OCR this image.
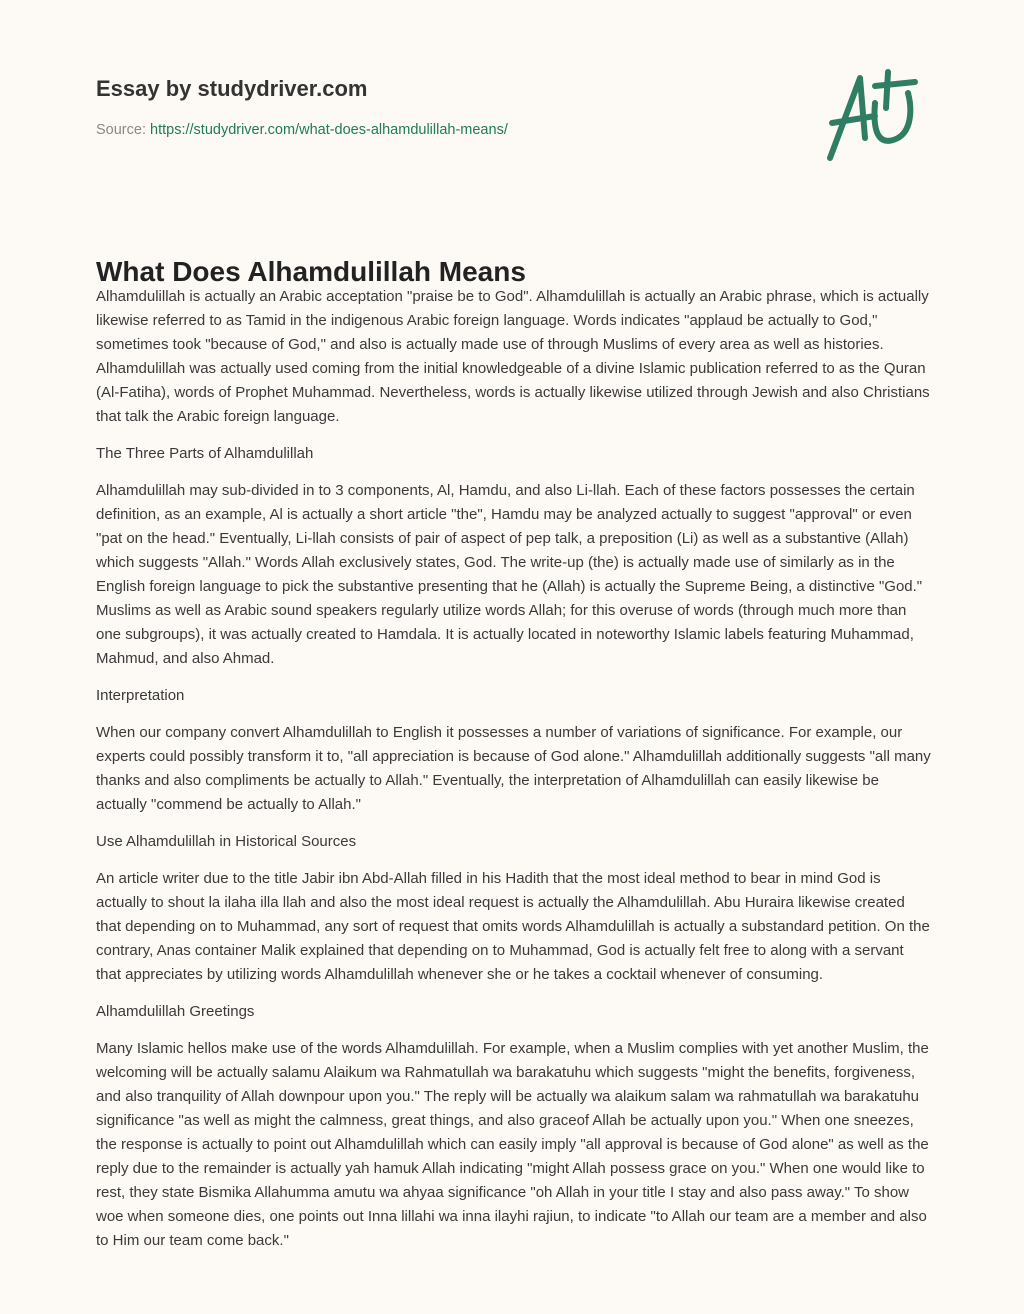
Essay by studydriver.com
Source: https://studydriver.com/what-does-alhamdulillah-means/
What Does Alhamdulillah Means

Alhamdulillah is actually an Arabic acceptation "praise be to God". Alhamdulillah is actually an Arabic phrase, which is actually likewise referred to as Tamid in the indigenous Arabic foreign language. Words indicates "applaud be actually to God," sometimes took "because of God," and also is actually made use of through Muslims of every area as well as histories. Alhamdulillah was actually used coming from the initial knowledgeable of a divine Islamic publication referred to as the Quran (Al-Fatiha), words of Prophet Muhammad. Nevertheless, words is actually likewise utilized through Jewish and also Christians that talk the Arabic foreign language.

The Three Parts of Alhamdulillah

Alhamdulillah may sub-divided in to 3 components, Al, Hamdu, and also Li-llah. Each of these factors possesses the certain definition, as an example, Al is actually a short article "the", Hamdu may be analyzed actually to suggest "approval" or even "pat on the head." Eventually, Li-llah consists of pair of aspect of pep talk, a preposition (Li) as well as a substantive (Allah) which suggests "Allah." Words Allah exclusively states, God. The write-up (the) is actually made use of similarly as in the English foreign language to pick the substantive presenting that he (Allah) is actually the Supreme Being, a distinctive "God." Muslims as well as Arabic sound speakers regularly utilize words Allah; for this overuse of words (through much more than one subgroups), it was actually created to Hamdala. It is actually located in noteworthy Islamic labels featuring Muhammad, Mahmud, and also Ahmad.

Interpretation

When our company convert Alhamdulillah to English it possesses a number of variations of significance. For example, our experts could possibly transform it to, "all appreciation is because of God alone." Alhamdulillah additionally suggests "all many thanks and also compliments be actually to Allah." Eventually, the interpretation of Alhamdulillah can easily likewise be actually "commend be actually to Allah."

Use Alhamdulillah in Historical Sources

An article writer due to the title Jabir ibn Abd-Allah filled in his Hadith that the most ideal method to bear in mind God is actually to shout la ilaha illa llah and also the most ideal request is actually the Alhamdulillah. Abu Huraira likewise created that depending on to Muhammad, any sort of request that omits words Alhamdulillah is actually a substandard petition. On the contrary, Anas container Malik explained that depending on to Muhammad, God is actually felt free to along with a servant that appreciates by utilizing words Alhamdulillah whenever she or he takes a cocktail whenever of consuming.

Alhamdulillah Greetings

Many Islamic hellos make use of the words Alhamdulillah. For example, when a Muslim complies with yet another Muslim, the welcoming will be actually salamu Alaikum wa Rahmatullah wa barakatuhu which suggests "might the benefits, forgiveness, and also tranquility of Allah downpour upon you." The reply will be actually wa alaikum salam wa rahmatullah wa barakatuhu significance "as well as might the calmness, great things, and also graceof Allah be actually upon you." When one sneezes, the response is actually to point out Alhamdulillah which can easily imply "all approval is because of God alone" as well as the reply due to the remainder is actually yah hamuk Allah indicating "might Allah possess grace on you." When one would like to rest, they state Bismika Allahumma amutu wa ahyaa significance "oh Allah in your title I stay and also pass away." To show woe when someone dies, one points out Inna lillahi wa inna ilayhi rajiun, to indicate "to Allah our team are a member and also to Him our team come back."
